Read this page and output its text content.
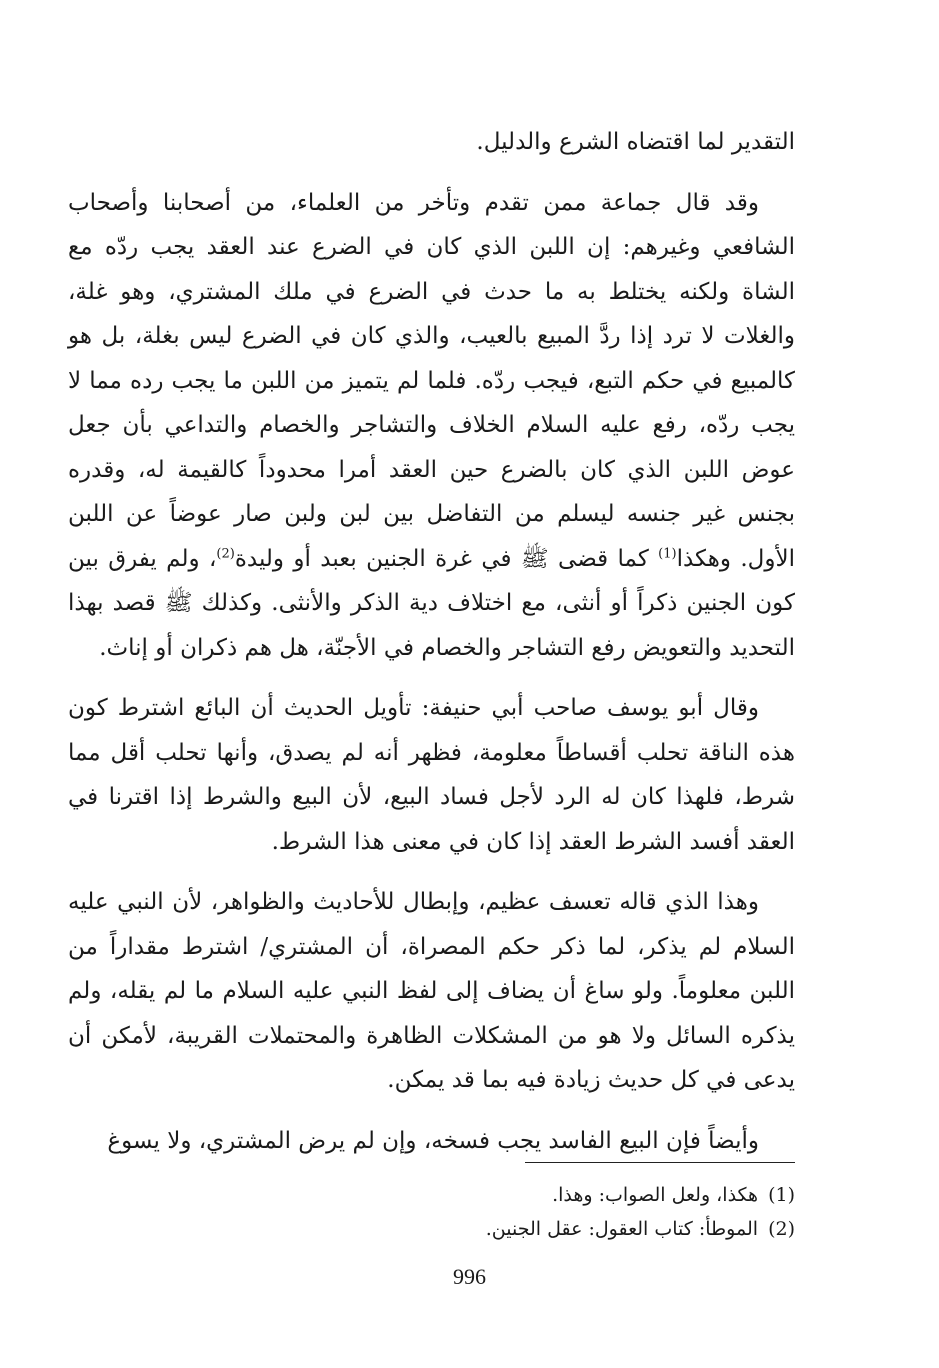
التقدير لما اقتضاه الشرع والدليل.

وقد قال جماعة ممن تقدم وتأخر من العلماء، من أصحابنا وأصحاب الشافعي وغيرهم: إن اللبن الذي كان في الضرع عند العقد يجب ردّه مع الشاة ولكنه يختلط به ما حدث في الضرع في ملك المشتري، وهو غلة، والغلات لا ترد إذا ردَّ المبيع بالعيب، والذي كان في الضرع ليس بغلة، بل هو كالمبيع في حكم التبع، فيجب ردّه. فلما لم يتميز من اللبن ما يجب رده مما لا يجب ردّه، رفع عليه السلام الخلاف والتشاجر والخصام والتداعي بأن جعل عوض اللبن الذي كان بالضرع حين العقد أمرا محدوداً كالقيمة له، وقدره بجنس غير جنسه ليسلم من التفاضل بين لبن ولبن صار عوضاً عن اللبن الأول. وهكذا$^{(1)}$ كما قضى ﷺ في غرة الجنين بعبد أو وليدة$^{(2)}$، ولم يفرق بين كون الجنين ذكراً أو أنثى، مع اختلاف دية الذكر والأنثى. وكذلك ﷺ قصد بهذا التحديد والتعويض رفع التشاجر والخصام في الأجنّة، هل هم ذكران أو إناث.

وقال أبو يوسف صاحب أبي حنيفة: تأويل الحديث أن البائع اشترط كون هذه الناقة تحلب أقساطاً معلومة، فظهر أنه لم يصدق، وأنها تحلب أقل مما شرط، فلهذا كان له الرد لأجل فساد البيع، لأن البيع والشرط إذا اقترنا في العقد أفسد الشرط العقد إذا كان في معنى هذا الشرط.

وهذا الذي قاله تعسف عظيم، وإبطال للأحاديث والظواهر، لأن النبي عليه السلام لم يذكر، لما ذكر حكم المصراة، أن المشتري/ اشترط مقداراً من اللبن معلوماً. ولو ساغ أن يضاف إلى لفظ النبي عليه السلام ما لم يقله، ولم يذكره السائل ولا هو من المشكلات الظاهرة والمحتملات القريبة، لأمكن أن يدعى في كل حديث زيادة فيه بما قد يمكن.

وأيضاً فإن البيع الفاسد يجب فسخه، وإن لم يرض المشتري، ولا يسوغ

(1)هكذا، ولعل الصواب: وهذا.

(2)الموطأ: كتاب العقول: عقل الجنين.

996
